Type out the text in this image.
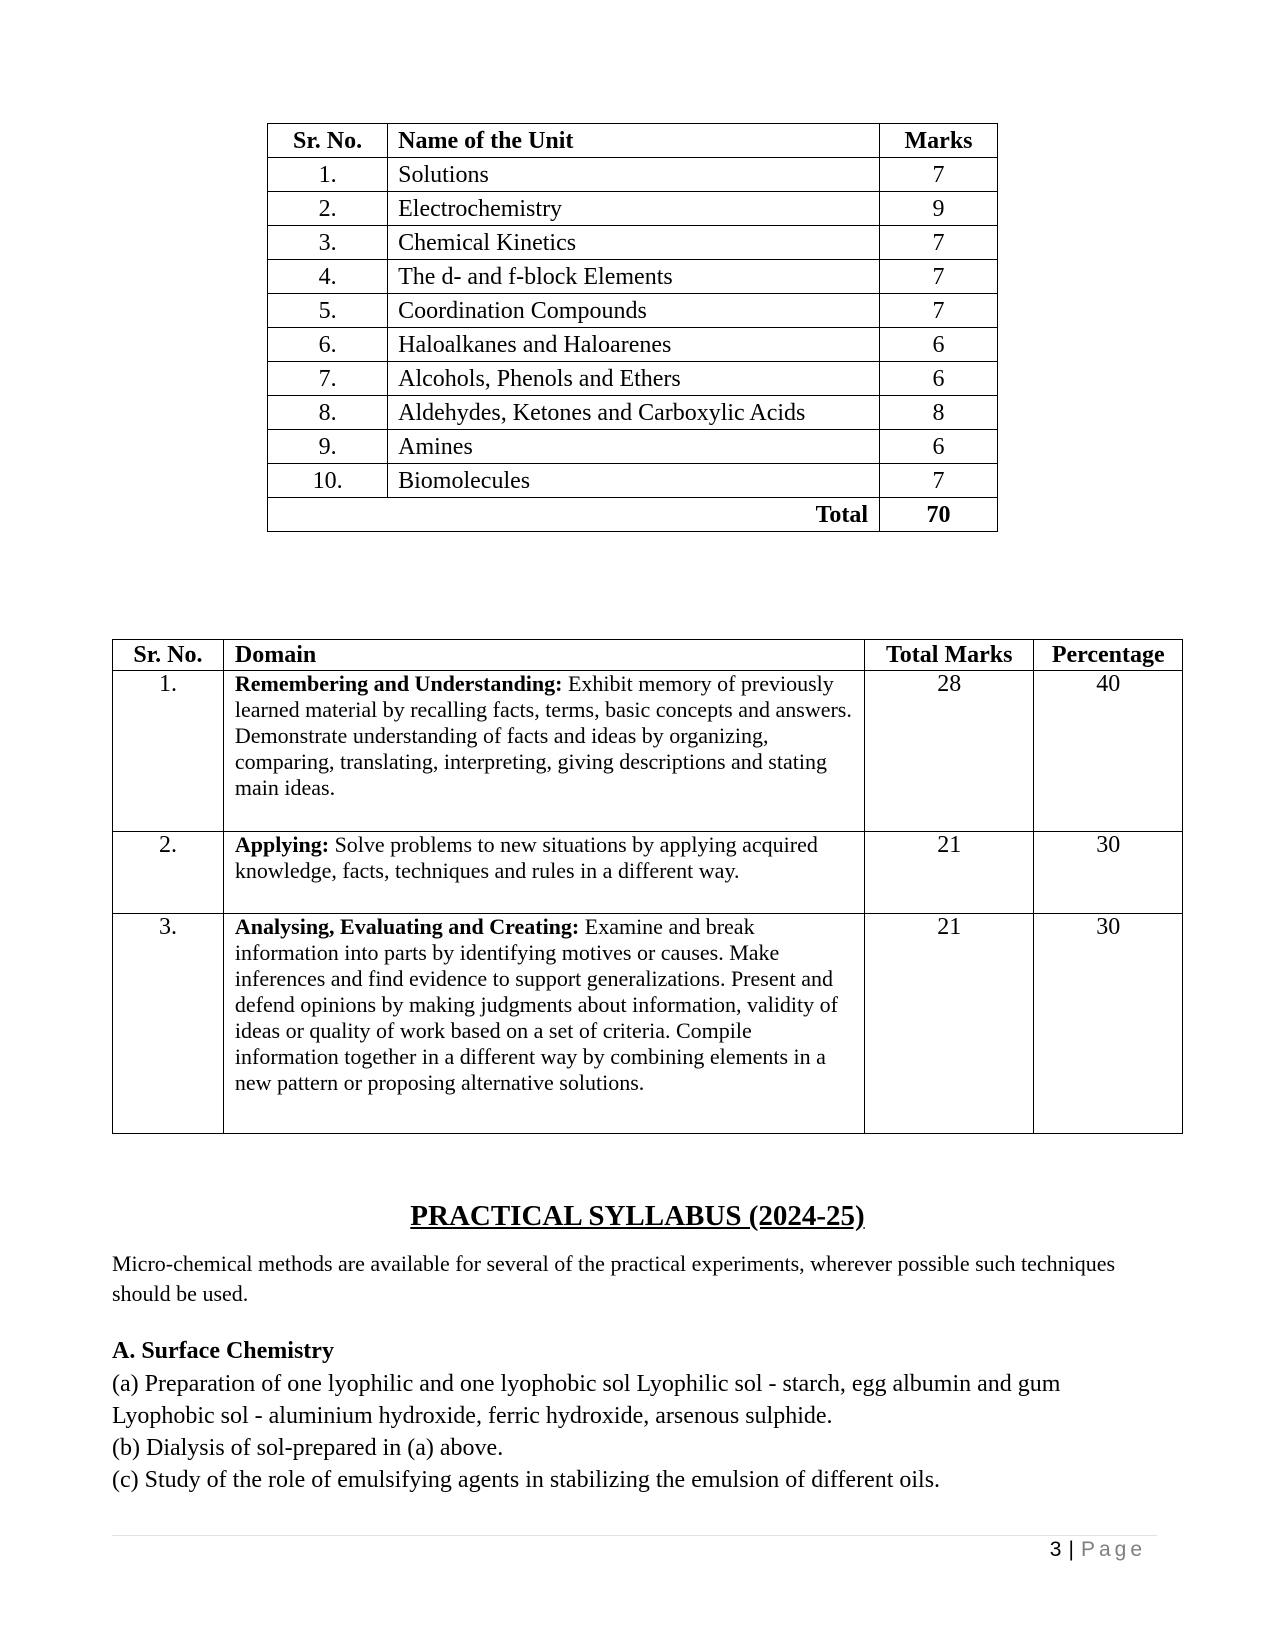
Sr. No.	Name of the Unit	Marks
1.	Solutions	7
2.	Electrochemistry	9
3.	Chemical Kinetics	7
4.	The d- and f-block Elements	7
5.	Coordination Compounds	7
6.	Haloalkanes and Haloarenes	6
7.	Alcohols, Phenols and Ethers	6
8.	Aldehydes, Ketones and Carboxylic Acids	8
9.	Amines	6
10.	Biomolecules	7
Total		70
Sr. No.	Domain	Total Marks	Percentage
1.	Remembering and Understanding: Exhibit memory of previously learned material by recalling facts, terms, basic concepts and answers. Demonstrate understanding of facts and ideas by organizing, comparing, translating, interpreting, giving descriptions and stating main ideas.	28	40
2.	Applying: Solve problems to new situations by applying acquired knowledge, facts, techniques and rules in a different way.	21	30
3.	Analysing, Evaluating and Creating: Examine and break information into parts by identifying motives or causes. Make inferences and find evidence to support generalizations. Present and defend opinions by making judgments about information, validity of ideas or quality of work based on a set of criteria. Compile information together in a different way by combining elements in a new pattern or proposing alternative solutions.	21	30
PRACTICAL SYLLABUS (2024-25)

Micro-chemical methods are available for several of the practical experiments, wherever possible such techniques should be used.

A. Surface Chemistry

(a) Preparation of one lyophilic and one lyophobic sol Lyophilic sol - starch, egg albumin and gum

Lyophobic sol - aluminium hydroxide, ferric hydroxide, arsenous sulphide.

(b) Dialysis of sol-prepared in (a) above.

(c) Study of the role of emulsifying agents in stabilizing the emulsion of different oils.

3 | Page
